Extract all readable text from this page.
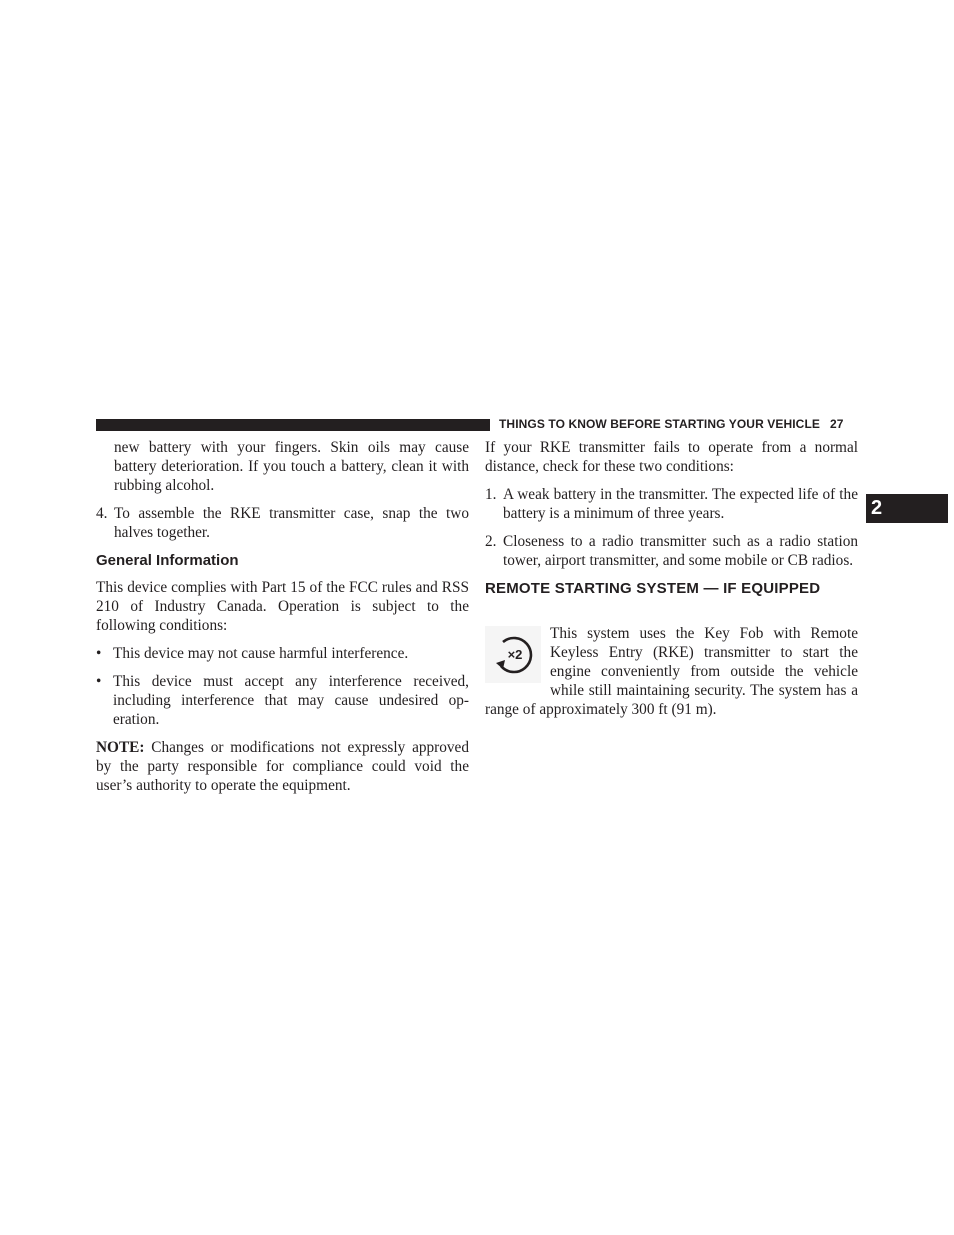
THINGS TO KNOW BEFORE STARTING YOUR VEHICLE 27
2

new battery with your fingers. Skin oils may cause battery deterioration. If you touch a battery, clean it with rubbing alcohol.

4. To assemble the RKE transmitter case, snap the two halves together.
General Information

This device complies with Part 15 of the FCC rules and RSS 210 of Industry Canada. Operation is subject to the following conditions:

• This device may not cause harmful interference.
• This device must accept any interference received, including interference that may cause undesired op-eration.

NOTE: Changes or modifications not expressly approved by the party responsible for compliance could void the user’s authority to operate the equipment.

If your RKE transmitter fails to operate from a normal distance, check for these two conditions:

1. A weak battery in the transmitter. The expected life of the battery is a minimum of three years.
2. Closeness to a radio transmitter such as a radio station tower, airport transmitter, and some mobile or CB radios.
REMOTE STARTING SYSTEM — IF EQUIPPED
×2
This system uses the Key Fob with Remote Keyless Entry (RKE) transmitter to start the engine conveniently from outside the vehicle while still maintaining security. The system has a range of approximately 300 ft (91 m).
